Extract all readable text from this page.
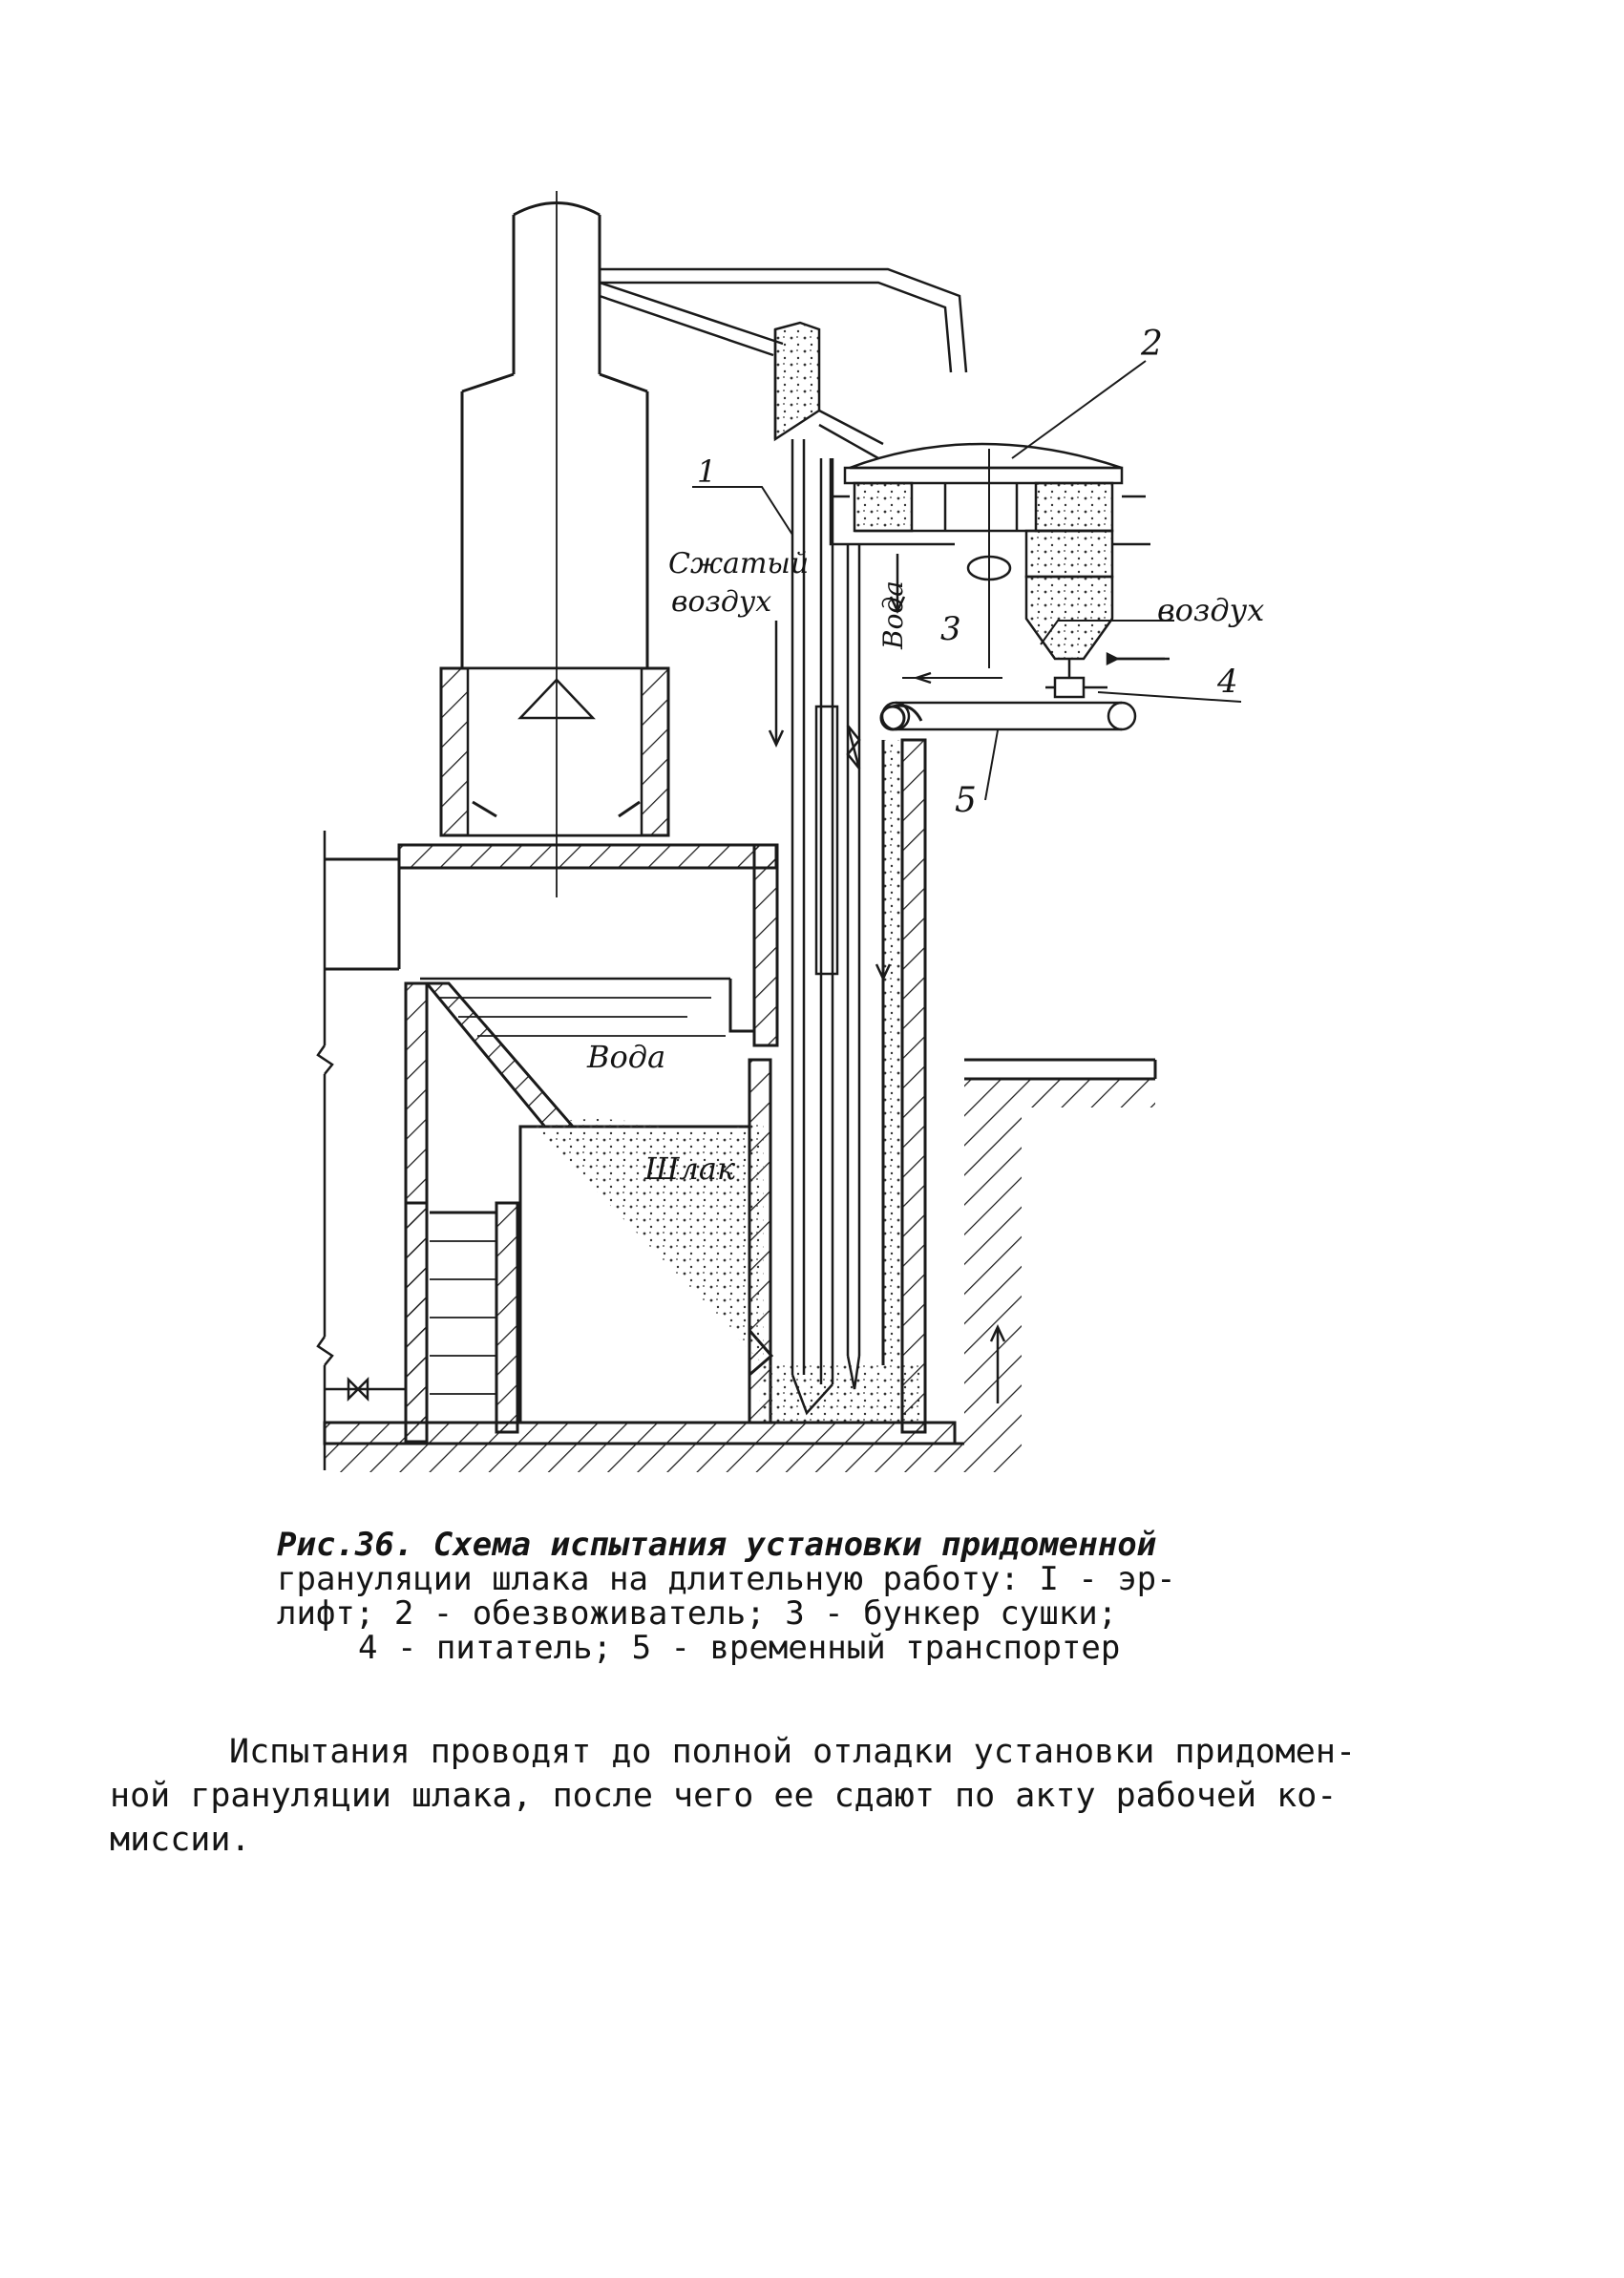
1
2
3
4
5
Сжатый
воздух	воздух
Вода
Вода
Шлак
Рис.36. Схема испытания установки придоменной
грануляции шлака на длительную работу: I - эр-
лифт; 2 - обезвоживатель; 3 - бункер сушки;
4 - питатель; 5 - временный транспортер
Испытания проводят до полной отладки установки придомен-
ной грануляции шлака, после чего ее сдают по акту рабочей ко-
миссии.
